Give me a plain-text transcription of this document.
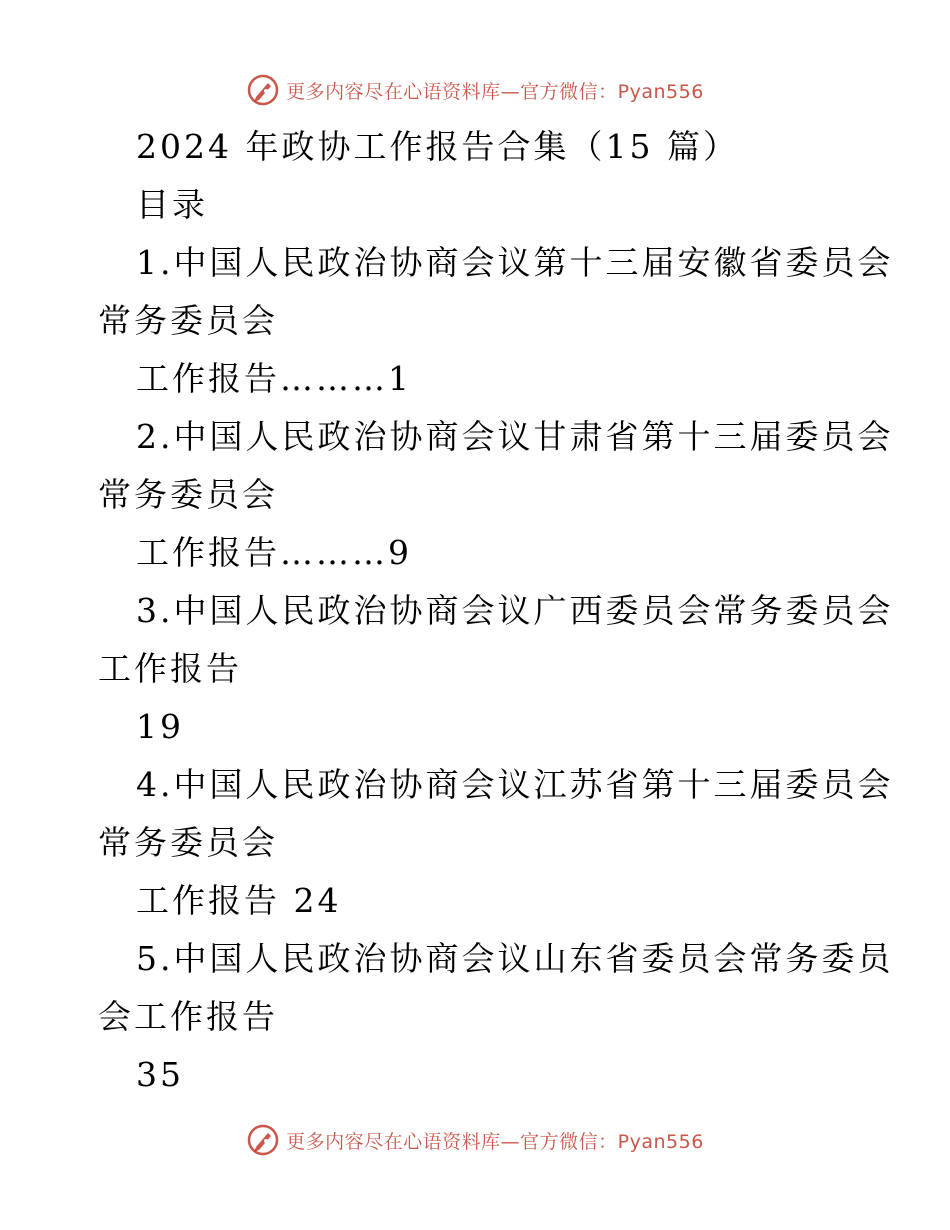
更多内容尽在心语资料库—官方微信：Pyan556
2024 年政协工作报告合集（15 篇）
目录
1.中国人民政治协商会议第十三届安徽省委员会
常务委员会
工作报告………1
2.中国人民政治协商会议甘肃省第十三届委员会
常务委员会
工作报告………9
3.中国人民政治协商会议广西委员会常务委员会
工作报告
19
4.中国人民政治协商会议江苏省第十三届委员会
常务委员会
工作报告 24
5.中国人民政治协商会议山东省委员会常务委员
会工作报告
35
更多内容尽在心语资料库—官方微信：Pyan556
